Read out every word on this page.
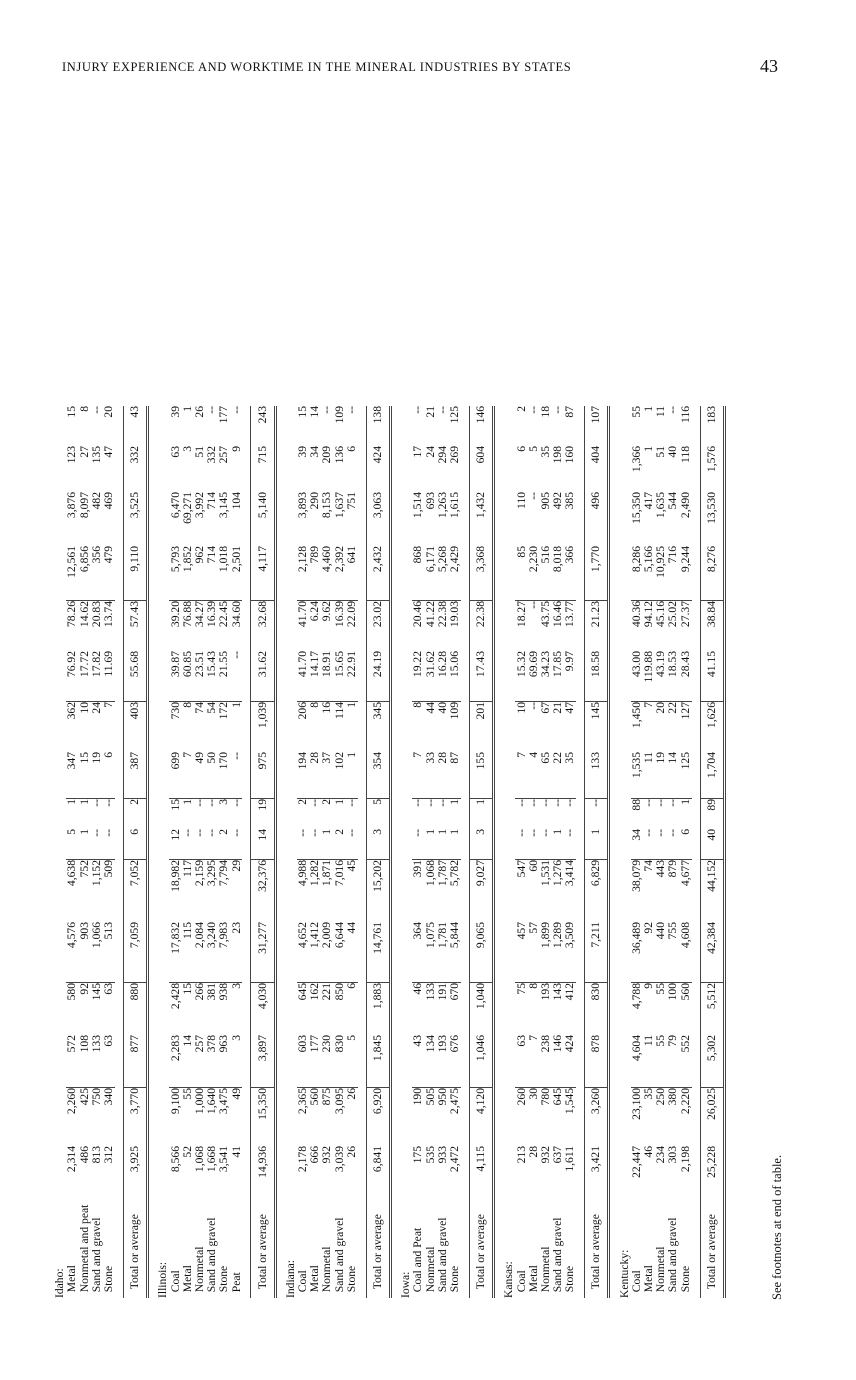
INJURY EXPERIENCE AND WORKTIME IN THE MINERAL INDUSTRIES BY STATES	43
Idaho:																
Metal	2,314	2,260	572	580	4,576	4,638	5	1	347	362	76.92	78.26	12,561	3,876	123	15
Nonmetal and peat	486	425	108	92	903	752	1	1	15	10	17.72	14.62	6,856	8,097	27	8
Sand and gravel	813	750	133	145	1,066	1,152	--	--	19	24	17.82	20.83	356	482	135	--
Stone	312	340	63	63	513	509	--	--	6	7	11.69	13.74	479	469	47	20

Total or average	3,925	3,770	877	880	7,059	7,052	6	2	387	403	55.68	57.43	9,110	3,525	332	43

Illinois:																
Coal	8,566	9,100	2,283	2,428	17,832	18,982	12	15	699	730	39.87	39.20	5,793	6,470	63	39
Metal	52	55	14	15	115	117	--	1	7	8	60.85	76.88	1,852	69,271	3	1
Nonmetal	1,068	1,000	257	266	2,084	2,159	--	--	49	74	23.51	34.27	962	3,992	51	26
Sand and gravel	1,668	1,640	378	381	3,240	3,295	--	--	50	54	15.43	16.39	714	714	332	--
Stone	3,541	3,475	963	938	7,983	7,794	2	3	170	172	21.55	22.45	1,018	3,145	257	177
Peat	41	49	3	3	23	29	--	--	--	1	--	34.60	2,501	104	9	--

Total or average	14,936	15,350	3,897	4,030	31,277	32,376	14	19	975	1,039	31.62	32.68	4,117	5,140	715	243

Indiana:																
Coal	2,178	2,365	603	645	4,652	4,988	--	2	194	206	41.70	41.70	2,128	3,893	39	15
Metal	666	560	177	162	1,412	1,282	--	--	28	8	14.17	6.24	789	290	34	14
Nonmetal	932	875	230	221	2,009	1,871	1	2	37	16	18.91	9.62	4,460	8,153	209	--
Sand and gravel	3,039	3,095	830	850	6,644	7,016	2	1	102	114	15.65	16.39	2,392	1,637	136	109
Stone	26	26	5	6	44	45	--	--	1	1	22.91	22.09	641	751	6	--

Total or average	6,841	6,920	1,845	1,883	14,761	15,202	3	5	354	345	24.19	23.02	2,432	3,063	424	138

Iowa:																
Coal and Peat	175	190	43	46	364	391	--	--	7	8	19.22	20.46	868	1,514	17	--
Nonmetal	535	505	134	133	1,075	1,068	1	--	33	44	31.62	41.22	6,171	693	24	21
Sand and gravel	933	950	193	191	1,781	1,787	1	--	28	40	16.28	22.38	5,268	1,263	294	--
Stone	2,472	2,475	676	670	5,844	5,782	1	1	87	109	15.06	19.03	2,429	1,615	269	125

Total or average	4,115	4,120	1,046	1,040	9,065	9,027	3	1	155	201	17.43	22.38	3,368	1,432	604	146

Kansas:																
Coal	213	260	63	75	457	547	--	--	7	10	15.32	18.27	85	110	6	2
Metal	28	30	7	8	57	60	--	--	4	--	69.69	--	2,230	--	5	--
Nonmetal	932	780	238	193	1,899	1,531	--	--	65	67	34.23	43.75	516	905	35	18
Sand and gravel	637	645	146	143	1,289	1,276	1	--	22	21	17.85	16.46	8,018	492	198	--
Stone	1,611	1,545	424	412	3,509	3,414	--	--	35	47	9.97	13.77	366	385	160	87

Total or average	3,421	3,260	878	830	7,211	6,829	1	--	133	145	18.58	21.23	1,770	496	404	107

Kentucky:																
Coal	22,447	23,100	4,604	4,788	36,489	38,079	34	88	1,535	1,450	43.00	40.36	8,286	15,350	1,366	55
Metal	46	35	11	9	92	74	--	--	11	7	119.88	94.12	5,166	417	1	1
Nonmetal	234	250	55	55	440	443	--	--	19	20	43.19	45.16	10,925	1,635	51	11
Sand and gravel	303	380	79	100	755	879	--	--	14	22	18.53	25.02	716	544	40	--
Stone	2,198	2,220	552	560	4,608	4,677	6	1	125	127	28.43	27.37	9,244	2,490	118	116

Total or average	25,228	26,025	5,302	5,512	42,384	44,152	40	89	1,704	1,626	41.15	38.84	8,276	13,530	1,576	183

See footnotes at end of table.
